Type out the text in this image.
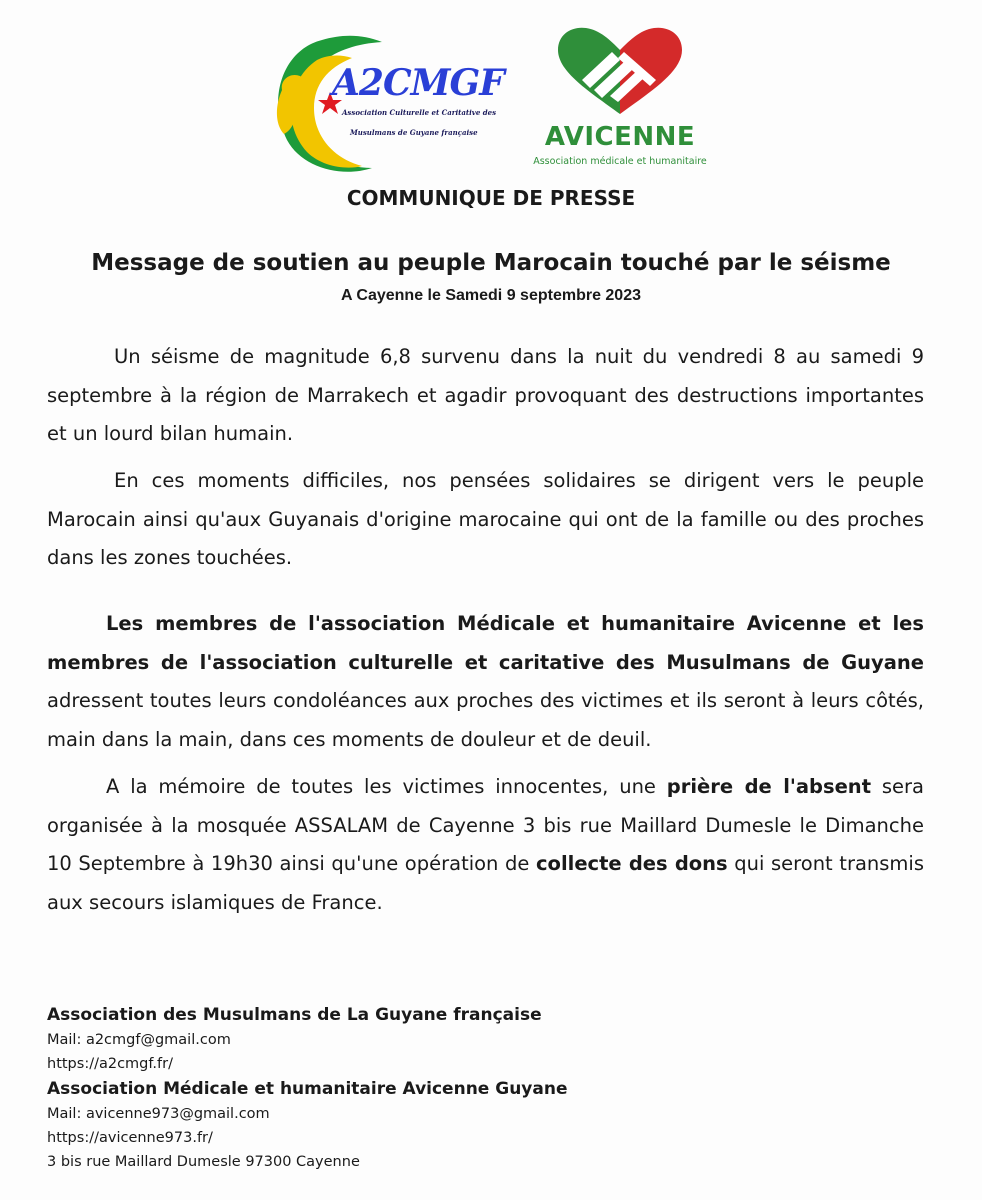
A2CMGF
Association Culturelle et Caritative des
Musulmans de Guyane française	AVICENNE
Association médicale et humanitaire
COMMUNIQUE DE PRESSE
Message de soutien au peuple Marocain touché par le séisme
A Cayenne le Samedi 9 septembre 2023
Un séisme de magnitude 6,8 survenu dans la nuit du vendredi 8 au samedi 9 septembre à la région de Marrakech et agadir provoquant des destructions importantes et un lourd bilan humain.
En ces moments difficiles, nos pensées solidaires se dirigent vers le peuple Marocain ainsi qu'aux Guyanais d'origine marocaine qui ont de la famille ou des proches dans les zones touchées.
Les membres de l'association Médicale et humanitaire Avicenne et les membres de l'association culturelle et caritative des Musulmans de Guyane adressent toutes leurs condoléances aux proches des victimes et ils seront à leurs côtés, main dans la main, dans ces moments de douleur et de deuil.
A la mémoire de toutes les victimes innocentes, une prière de l'absent sera organisée à la mosquée ASSALAM de Cayenne 3 bis rue Maillard Dumesle le Dimanche 10 Septembre à 19h30 ainsi qu'une opération de collecte des dons qui seront transmis aux secours islamiques de France.
Association des Musulmans de La Guyane française
Mail: a2cmgf@gmail.com
https://a2cmgf.fr/
Association Médicale et humanitaire Avicenne Guyane
Mail: avicenne973@gmail.com
https://avicenne973.fr/
3 bis rue Maillard Dumesle 97300 Cayenne
